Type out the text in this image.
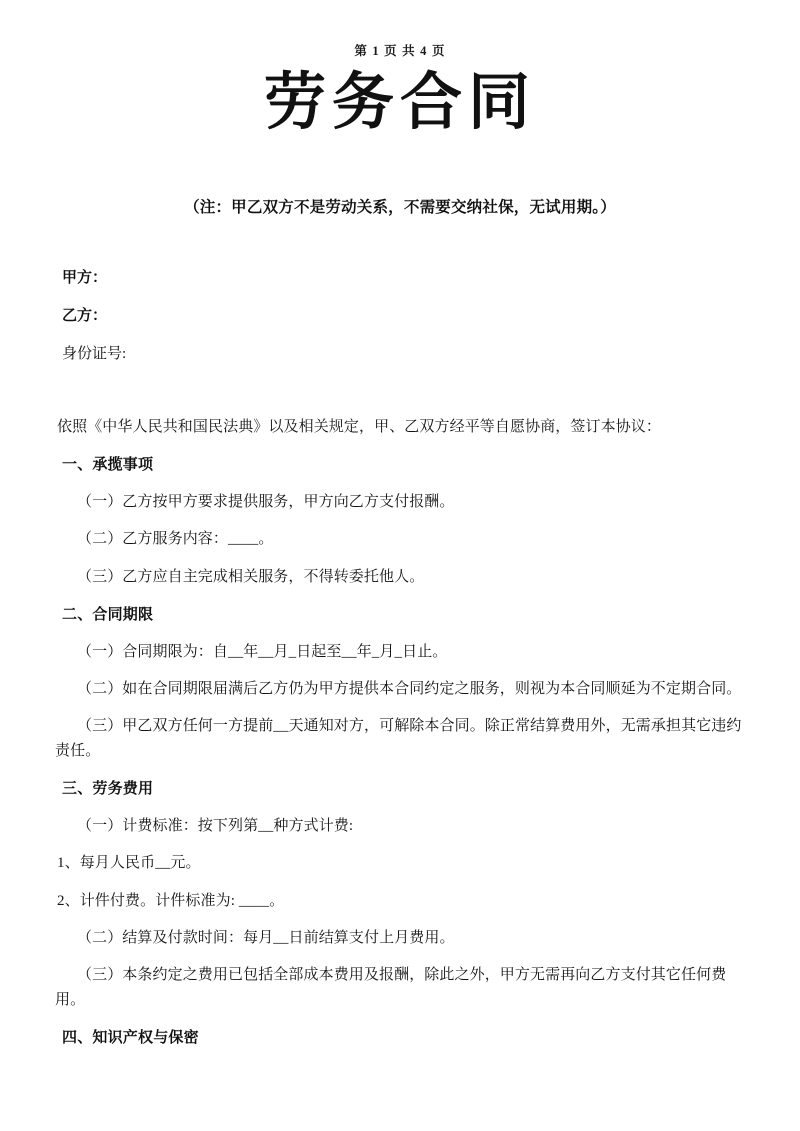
第 1 页 共 4 页
劳务合同

（注：甲乙双方不是劳动关系，不需要交纳社保，无试用期。）

甲方：

乙方：

身份证号:

依照《中华人民共和国民法典》以及相关规定，甲、乙双方经平等自愿协商，签订本协议：

一、承揽事项

（一）乙方按甲方要求提供服务，甲方向乙方支付报酬。

（二）乙方服务内容：____。

（三）乙方应自主完成相关服务，不得转委托他人。

二、合同期限

（一）合同期限为：自__年__月_日起至__年_月_日止。

（二）如在合同期限届满后乙方仍为甲方提供本合同约定之服务，则视为本合同顺延为不定期合同。

（三）甲乙双方任何一方提前__天通知对方，可解除本合同。除正常结算费用外，无需承担其它违约责任。

三、劳务费用

（一）计费标准：按下列第__种方式计费:

1、每月人民币__元。

2、计件付费。计件标准为: ____。

（二）结算及付款时间：每月__日前结算支付上月费用。

（三）本条约定之费用已包括全部成本费用及报酬，除此之外，甲方无需再向乙方支付其它任何费用。

四、知识产权与保密
